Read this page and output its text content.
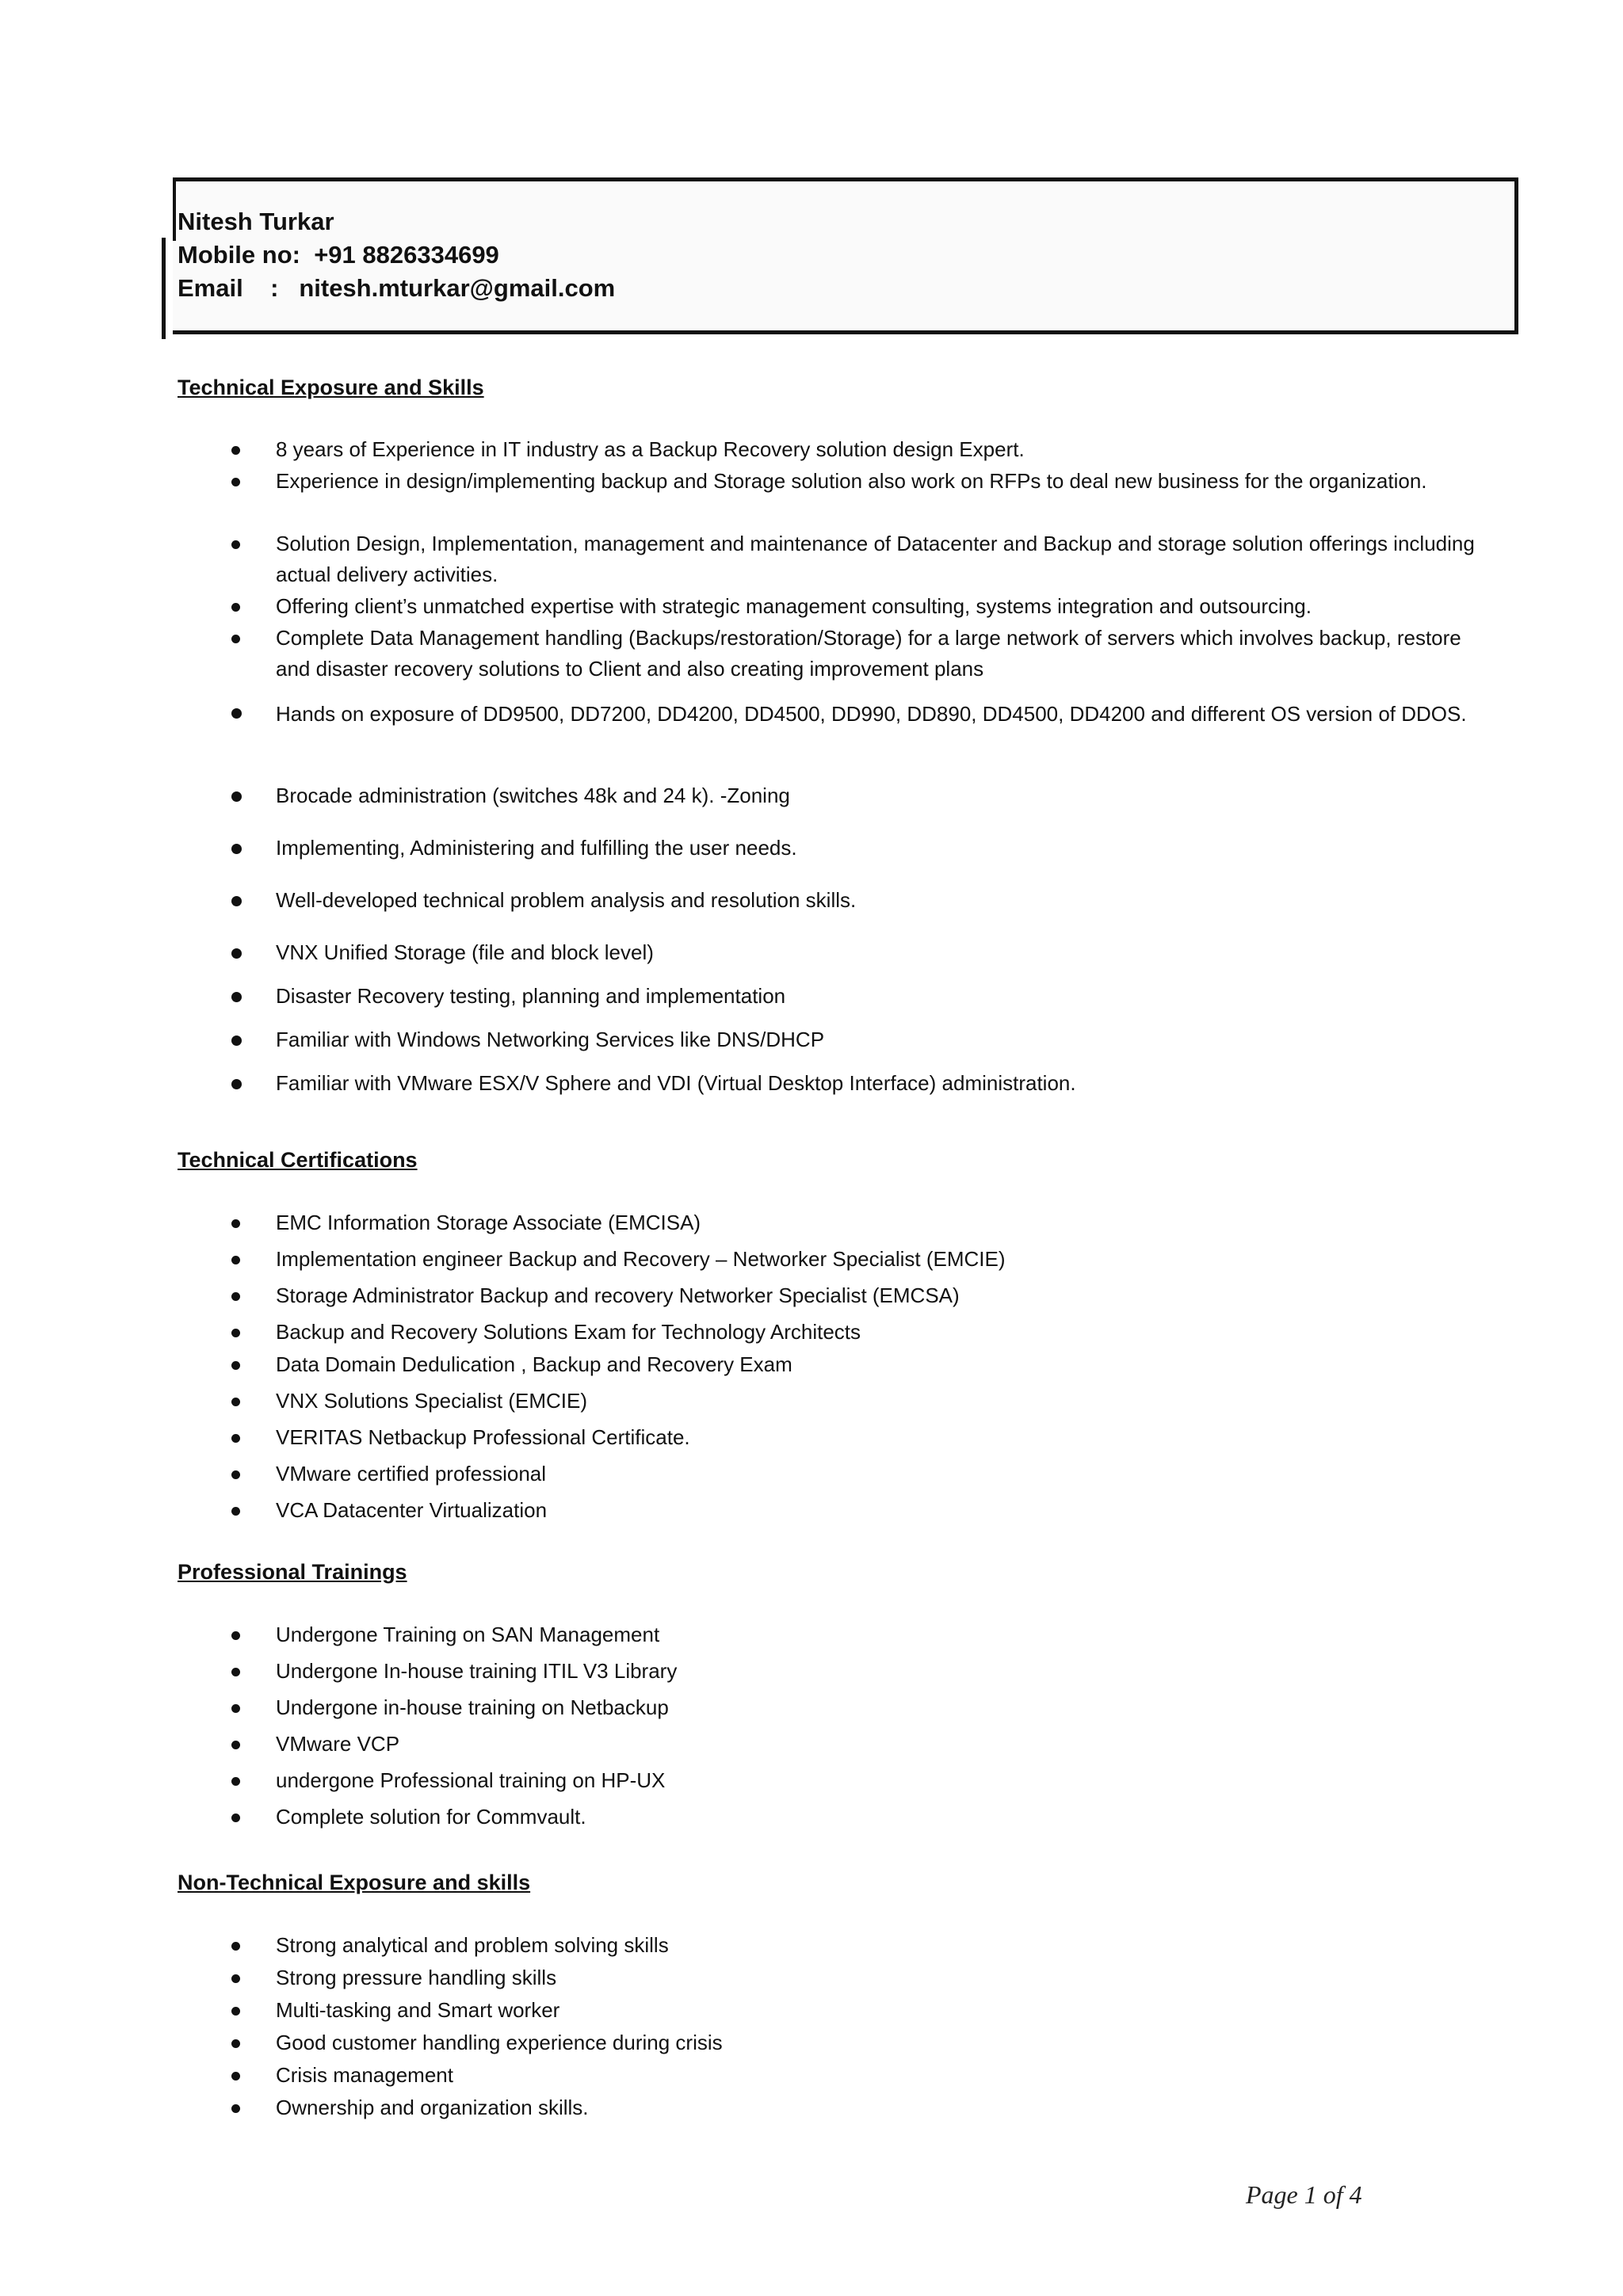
Nitesh Turkar
Mobile no:  +91 8826334699
Email    :   nitesh.mturkar@gmail.com
Technical Exposure and Skills
8 years of Experience in IT industry as a Backup Recovery solution design Expert.
Experience in design/implementing backup and Storage solution also work on RFPs to deal new business for the organization.
Solution Design, Implementation, management and maintenance of Datacenter and Backup and storage solution offerings including actual delivery activities.
Offering client’s unmatched expertise with strategic management consulting, systems integration and outsourcing.
Complete Data Management handling (Backups/restoration/Storage) for a large network of servers which involves backup, restore and disaster recovery solutions to Client and also creating improvement plans
Hands on exposure of DD9500, DD7200, DD4200, DD4500, DD990, DD890, DD4500, DD4200 and different OS version of DDOS.
Brocade administration (switches 48k and 24 k). -Zoning
Implementing, Administering and fulfilling the user needs.
Well-developed technical problem analysis and resolution skills.
VNX Unified Storage (file and block level)
Disaster Recovery testing, planning and implementation
Familiar with Windows Networking Services like DNS/DHCP
Familiar with VMware ESX/V Sphere and VDI (Virtual Desktop Interface) administration.
Technical Certifications
EMC Information Storage Associate (EMCISA)
Implementation engineer Backup and Recovery – Networker Specialist (EMCIE)
Storage Administrator Backup and recovery Networker Specialist (EMCSA)
Backup and Recovery Solutions Exam for Technology Architects
Data Domain Dedulication , Backup and Recovery Exam
VNX Solutions Specialist (EMCIE)
VERITAS Netbackup Professional Certificate.
VMware certified professional
VCA Datacenter Virtualization
Professional Trainings
Undergone Training on SAN Management
Undergone In-house training ITIL V3 Library
Undergone in-house training on Netbackup
VMware VCP
undergone Professional training on HP-UX
Complete solution for Commvault.
Non-Technical Exposure and skills
Strong analytical and problem solving skills
Strong pressure handling skills
Multi-tasking and Smart worker
Good customer handling experience during crisis
Crisis management
Ownership and organization skills.
Page 1 of 4
